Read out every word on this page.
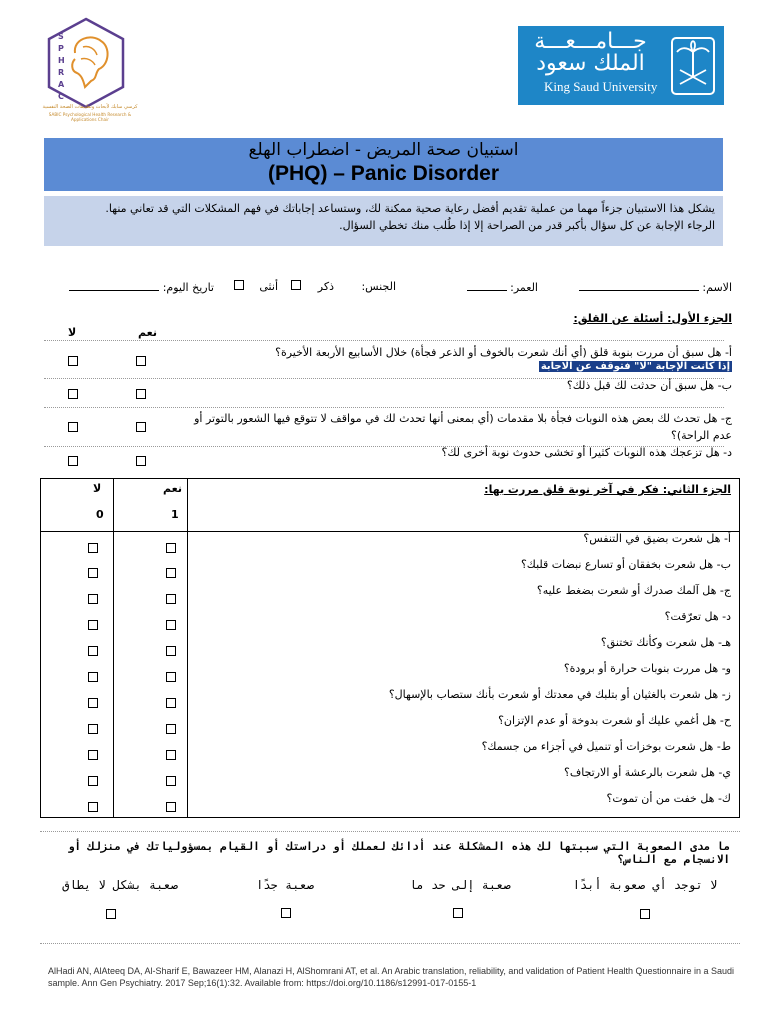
S
P
H
R
A
C
كرسي سابك لأبحاث وتطبيقات الصحة النفسية
SABIC Psychological Health Research & Applications Chair
جـــامـــعـــة الملك سعود
King Saud University
استبيان صحة المريض - اضطراب الهلع
(PHQ) – Panic Disorder
يشكل هذا الاستبيان جزءاً مهما من عملية تقديم أفضل رعاية صحية ممكنة لك، وستساعد إجاباتك في فهم المشكلات التي قد تعاني منها.
الرجاء الإجابة عن كل سؤال بأكبر قدر من الصراحة إلا إذا طُلب منك تخطي السؤال.
الاسم:
العمر:
الجنس:
ذكر
أنثى
تاريخ اليوم:
الجزء الأول: أسئلة عن القلق:
نعم
لا
أ- هل سبق أن مررت بنوبة قلق (أي أنك شعرت بالخوف أو الذعر فجأة) خلال الأسابيع الأربعة الأخيرة؟
إذا كانت الإجابة "لا" فتوقف عن الاجابة
ب- هل سبق أن حدثت لك قبل ذلك؟
ج- هل تحدث لك بعض هذه النوبات فجأة بلا مقدمات (أي بمعنى أنها تحدث لك في مواقف لا تتوقع فيها الشعور بالتوتر أو عدم الراحة)؟
د- هل تزعجك هذه النوبات كثيرا أو تخشى حدوث نوبة أخرى لك؟
لا	نعم
0	1
الجزء الثاني: فكر في آخر نوبة قلق مررت بها:
أ- هل شعرت بضيق في التنفس؟
ب- هل شعرت بخفقان أو تسارع نبضات قلبك؟
ج- هل آلمك صدرك أو شعرت بضغط عليه؟
د- هل تعرّقت؟
هـ- هل شعرت وكأنك تختنق؟
و- هل مررت بنوبات حرارة أو برودة؟
ز- هل شعرت بالغثيان أو بتلبك في معدتك أو شعرت بأنك ستصاب بالإسهال؟
ح- هل أغمي عليك أو شعرت بدوخة أو عدم الإتزان؟
ط- هل شعرت بوخزات أو تنميل في أجزاء من جسمك؟
ي- هل شعرت بالرعشة أو الارتجاف؟
ك- هل خفت من أن تموت؟
ما مدى الصعوبة التي سببتها لك هذه المشكلة عند أدائك لعملك أو دراستك أو القيام بمسؤولياتك في منزلك أو الانسجام مع الناس؟
لا توجد أي صعوبة أبدًا
صعبة إلى حد ما
صعبة جدًا
صعبة بشكل لا يطاق
AlHadi AN, AlAteeq DA, Al-Sharif E, Bawazeer HM, Alanazi H, AlShomrani AT, et al. An Arabic translation, reliability, and validation of Patient Health Questionnaire in a Saudi sample. Ann Gen Psychiatry. 2017 Sep;16(1):32. Available from: https://doi.org/10.1186/s12991-017-0155-1
